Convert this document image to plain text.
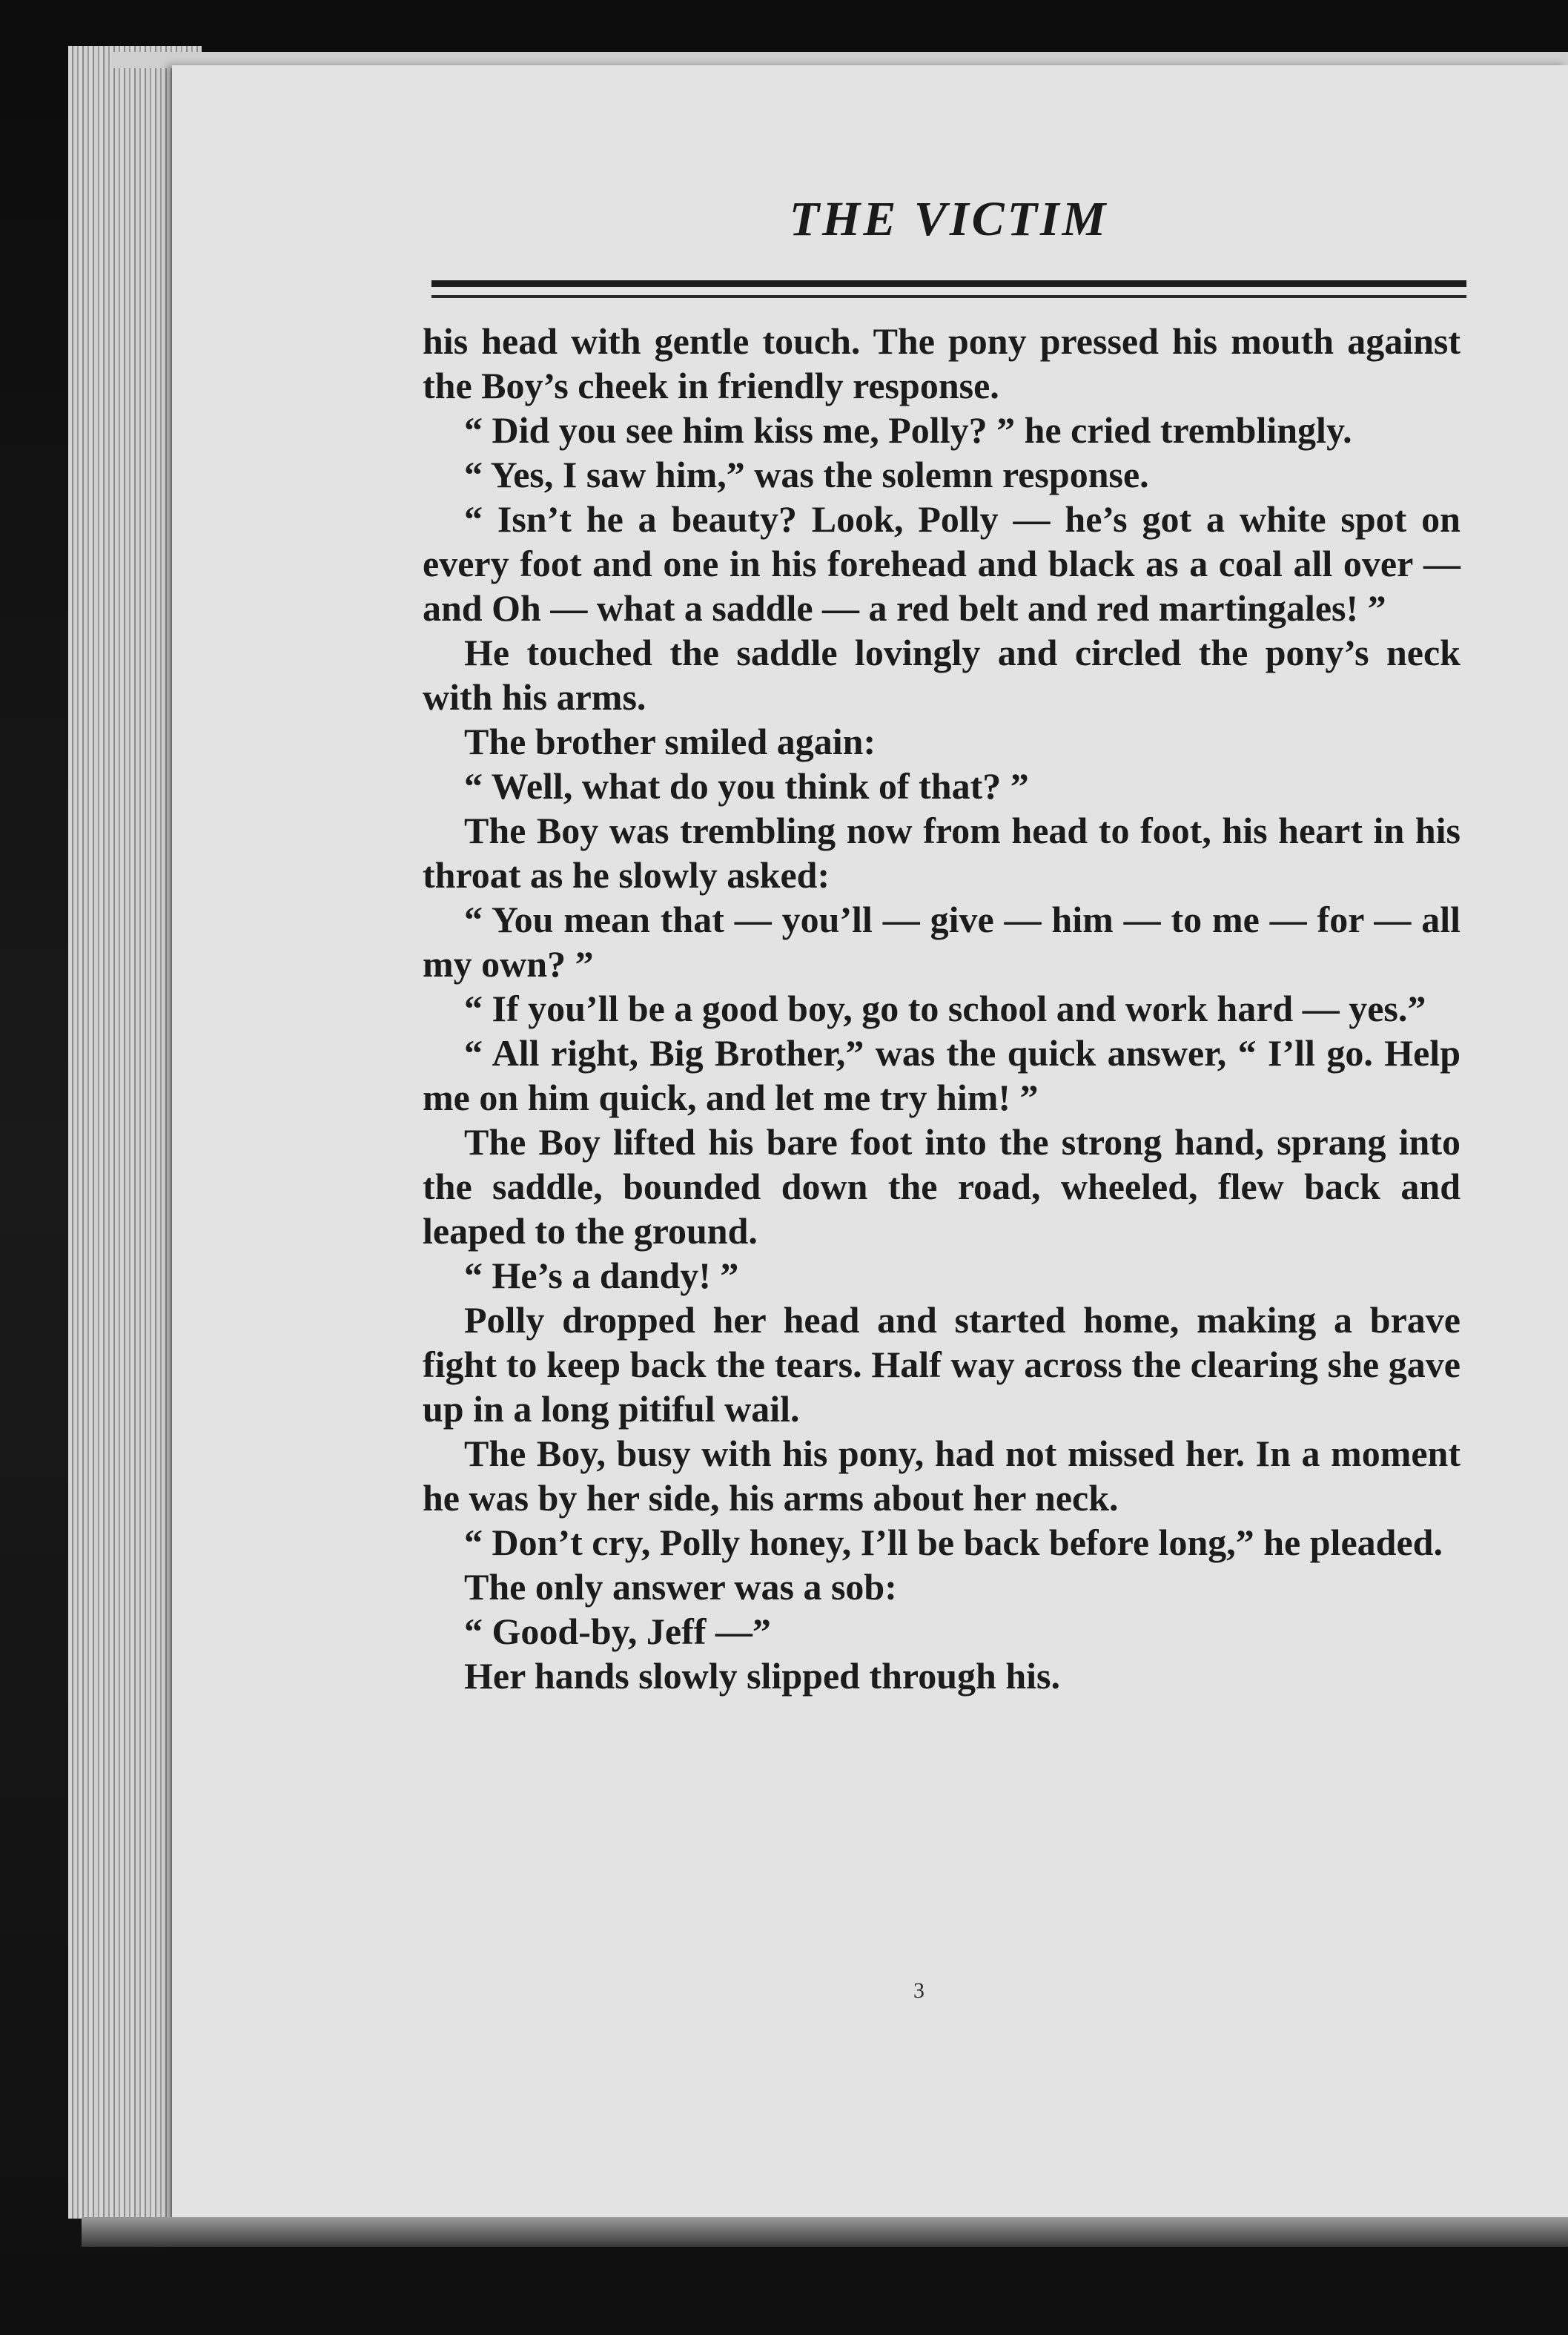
THE VICTIM

his head with gentle touch. The pony pressed his mouth against the Boy’s cheek in friendly response.

“ Did you see him kiss me, Polly? ” he cried tremblingly.

“ Yes, I saw him,” was the solemn response.

“ Isn’t he a beauty? Look, Polly — he’s got a white spot on every foot and one in his forehead and black as a coal all over — and Oh — what a saddle — a red belt and red martingales! ”

He touched the saddle lovingly and circled the pony’s neck with his arms.

The brother smiled again:

“ Well, what do you think of that? ”

The Boy was trembling now from head to foot, his heart in his throat as he slowly asked:

“ You mean that — you’ll — give — him — to me — for — all my own? ”

“ If you’ll be a good boy, go to school and work hard — yes.”

“ All right, Big Brother,” was the quick answer, “ I’ll go. Help me on him quick, and let me try him! ”

The Boy lifted his bare foot into the strong hand, sprang into the saddle, bounded down the road, wheeled, flew back and leaped to the ground.

“ He’s a dandy! ”

Polly dropped her head and started home, making a brave fight to keep back the tears. Half way across the clearing she gave up in a long pitiful wail.

The Boy, busy with his pony, had not missed her. In a moment he was by her side, his arms about her neck.

“ Don’t cry, Polly honey, I’ll be back before long,” he pleaded.

The only answer was a sob:

“ Good-by, Jeff —”

Her hands slowly slipped through his.

3
